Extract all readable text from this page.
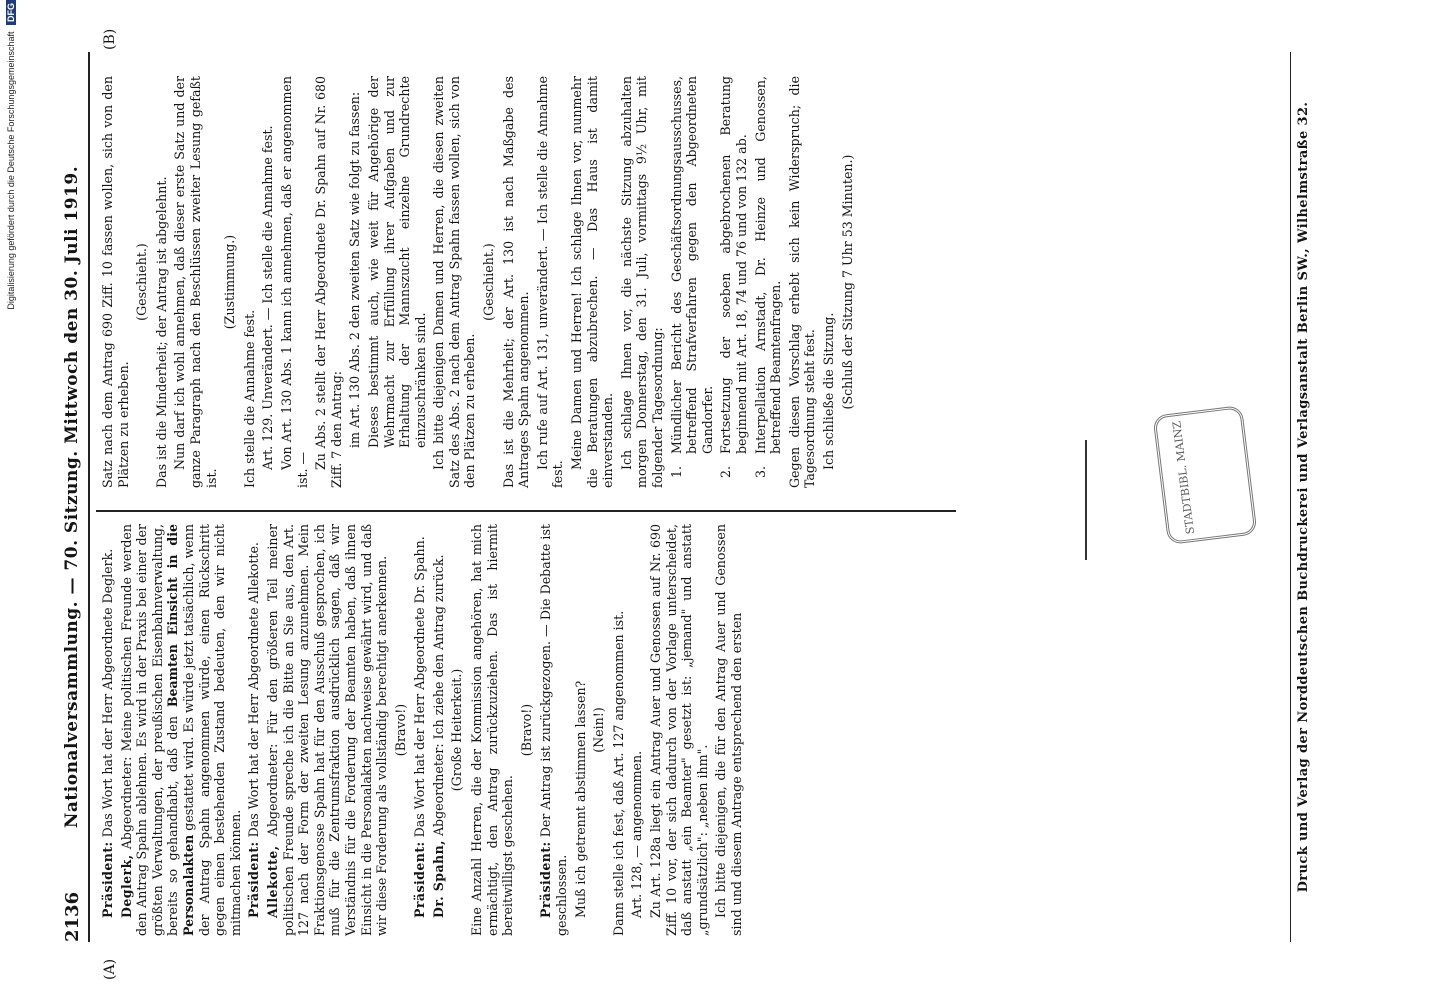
Digitalisierung gefördert durch die Deutsche Forschungsgemeinschaft DFG
2136
Nationalversammlung. — 70. Sitzung. Mittwoch den 30. Juli 1919.
(A)
(B)

Präsident: Das Wort hat der Herr Abgeordnete Deglerk.

Deglerk, Abgeordneter: Meine politischen Freunde werden den Antrag Spahn ablehnen. Es wird in der Praxis bei einer der größten Verwaltungen, der preußischen Eisenbahnverwaltung, bereits so gehandhabt, daß den Beamten Einsicht in die Personalakten gestattet wird. Es würde jetzt tatsächlich, wenn der Antrag Spahn angenommen würde, einen Rückschritt gegen einen bestehenden Zustand bedeuten, den wir nicht mitmachen können. Präsident: Das Wort hat der Herr Abgeordnete Allekotte.

Allekotte, Abgeordneter: Für den größeren Teil meiner politischen Freunde spreche ich die Bitte an Sie aus, den Art. 127 nach der Form der zweiten Lesung anzunehmen. Mein Fraktionsgenosse Spahn hat für den Ausschuß gesprochen, ich muß für die Zentrumsfraktion ausdrücklich sagen, daß wir Verständnis für die Forderung der Beamten haben, daß ihnen Einsicht in die Personalakten nachweise gewährt wird, und daß wir diese Forderung als vollständig berechtigt anerkennen. (Bravo!)

Präsident: Das Wort hat der Herr Abgeordnete Dr. Spahn.

Dr. Spahn, Abgeordneter: Ich ziehe den Antrag zurück. (Große Heiterkeit.) Eine Anzahl Herren, die der Kommission angehören, hat mich ermächtigt, den Antrag zurückzuziehen. Das ist hiermit bereitwilligst geschehen.

(Bravo!)

Präsident: Der Antrag ist zurückgezogen. — Die Debatte ist geschlossen. Muß ich getrennt abstimmen lassen? (Nein!) Dann stelle ich fest, daß Art. 127 angenommen ist. Art. 128, — angenommen. Zu Art. 128a liegt ein Antrag Auer und Genossen auf Nr. 690 Ziff. 10 vor, der sich dadurch von der Vorlage unterscheidet, daß anstatt „ein Beamter" gesetzt ist: „jemand" und anstatt „grundsätzlich": „neben ihm". Ich bitte diejenigen, die für den Antrag Auer und Genossen sind und diesem Antrage entsprechend den ersten

Satz nach dem Antrag 690 Ziff. 10 fassen wollen, sich von den Plätzen zu erheben.

(Geschieht.) Das ist die Minderheit; der Antrag ist abgelehnt. Nun darf ich wohl annehmen, daß dieser erste Satz und der ganze Paragraph nach den Beschlüssen zweiter Lesung gefaßt ist.

(Zustimmung.)

Ich stelle die Annahme fest. Art. 129. Unverändert. — Ich stelle die Annahme fest. Von Art. 130 Abs. 1 kann ich annehmen, daß er angenommen ist. — Zu Abs. 2 stellt der Herr Abgeordnete Dr. Spahn auf Nr. 680 Ziff. 7 den Antrag: im Art. 130 Abs. 2 den zweiten Satz wie folgt zu fassen: Dieses bestimmt auch, wie weit für Angehörige der Wehrmacht zur Erfüllung ihrer Aufgaben und zur Erhaltung der Mannszucht einzelne Grundrechte einzuschränken sind. Ich bitte diejenigen Damen und Herren, die diesen zweiten Satz des Abs. 2 nach dem Antrag Spahn fassen wollen, sich von den Plätzen zu erheben.

(Geschieht.) Das ist die Mehrheit; der Art. 130 ist nach Maßgabe des Antrages Spahn angenommen. Ich rufe auf Art. 131, unverändert. — Ich stelle die Annahme fest.

Meine Damen und Herren! Ich schlage Ihnen vor, nunmehr die Beratungen abzubrechen. — Das Haus ist damit einverstanden. Ich schlage Ihnen vor, die nächste Sitzung abzuhalten morgen Donnerstag, den 31. Juli, vormittags 9½ Uhr, mit folgender Tagesordnung: 1.
Mündlicher Bericht des Geschäftsordnungsausschusses, betreffend Strafverfahren gegen den Abgeordneten Gandorfer.

2.
Fortsetzung der soeben abgebrochenen Beratung beginnend mit Art. 18, 74 und 76 und von 132 ab.

3.
Interpellation Arnstadt, Dr. Heinze und Genossen, betreffend Beamtenfragen. Gegen diesen Vorschlag erhebt sich kein Widerspruch; die Tagesordnung steht fest. Ich schließe die Sitzung. (Schluß der Sitzung 7 Uhr 53 Minuten.)

STADTBIBL. MAINZ	Druck und Verlag der Norddeutschen Buchdruckerei und Verlagsanstalt Berlin SW., Wilhelmstraße 32.
